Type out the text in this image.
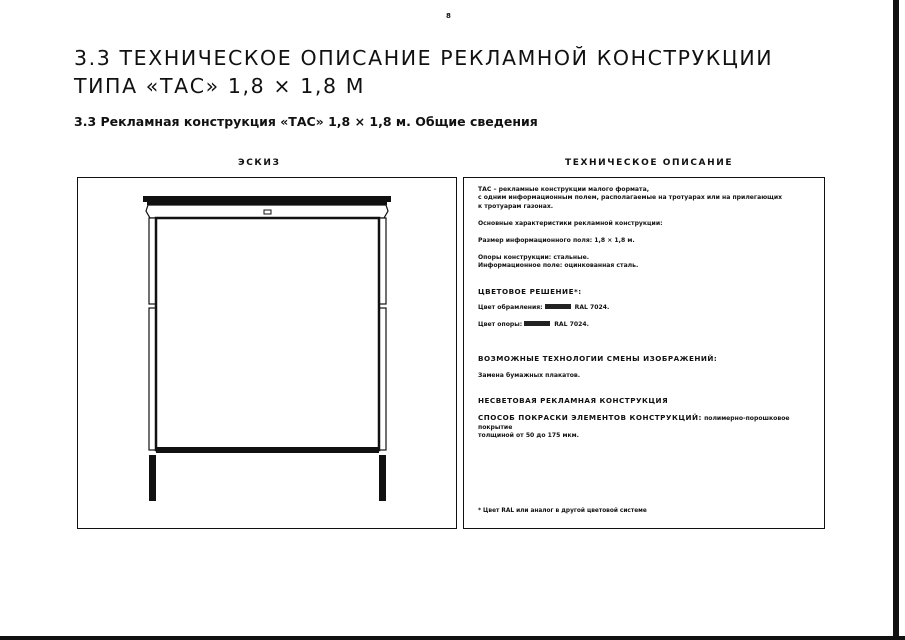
8
3.3 ТЕХНИЧЕСКОЕ ОПИСАНИЕ РЕКЛАМНОЙ КОНСТРУКЦИИ
ТИПА «ТАС» 1,8 × 1,8 М
3.3 Рекламная конструкция «ТАС» 1,8 × 1,8 м. Общие сведения
ЭСКИЗ	ТЕХНИЧЕСКОЕ ОПИСАНИЕ

ТАС – рекламные конструкции малого формата,
с одним информационным полем, располагаемые на тротуарах или на прилегающих
к тротуарам газонах.

Основные характеристики рекламной конструкции:

Размер информационного поля: 1,8 × 1,8 м.

Опоры конструкции: стальные.
Информационное поле: оцинкованная сталь.

ЦВЕТОВОЕ РЕШЕНИЕ*:

Цвет обрамления:	RAL 7024.

Цвет опоры:	RAL 7024.

ВОЗМОЖНЫЕ ТЕХНОЛОГИИ СМЕНЫ ИЗОБРАЖЕНИЙ:

Замена бумажных плакатов.

НЕСВЕТОВАЯ РЕКЛАМНАЯ КОНСТРУКЦИЯ

СПОСОБ ПОКРАСКИ ЭЛЕМЕНТОВ КОНСТРУКЦИЙ: полимерно-порошковое покрытие
толщиной от 50 до 175 мкм.

* Цвет RAL или аналог в другой цветовой системе
